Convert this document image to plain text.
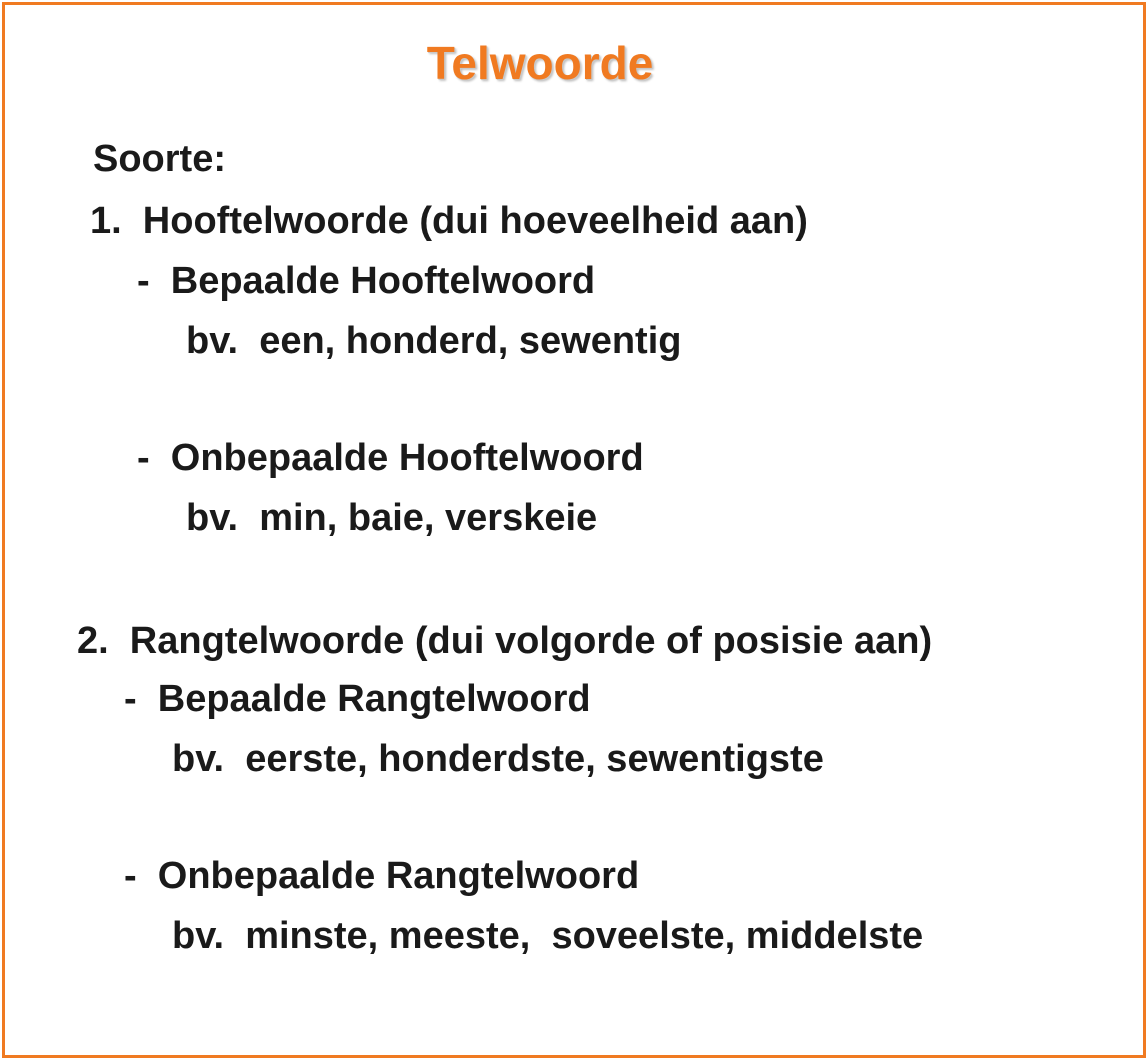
Telwoorde
Soorte:
1.  Hooftelwoorde (dui hoeveelheid aan)
-  Bepaalde Hooftelwoord
bv.  een, honderd, sewentig
-  Onbepaalde Hooftelwoord
bv.  min, baie, verskeie
2.  Rangtelwoorde (dui volgorde of posisie aan)
-  Bepaalde Rangtelwoord
bv.  eerste, honderdste, sewentigste
-  Onbepaalde Rangtelwoord
bv.  minste, meeste,  soveelste, middelste
